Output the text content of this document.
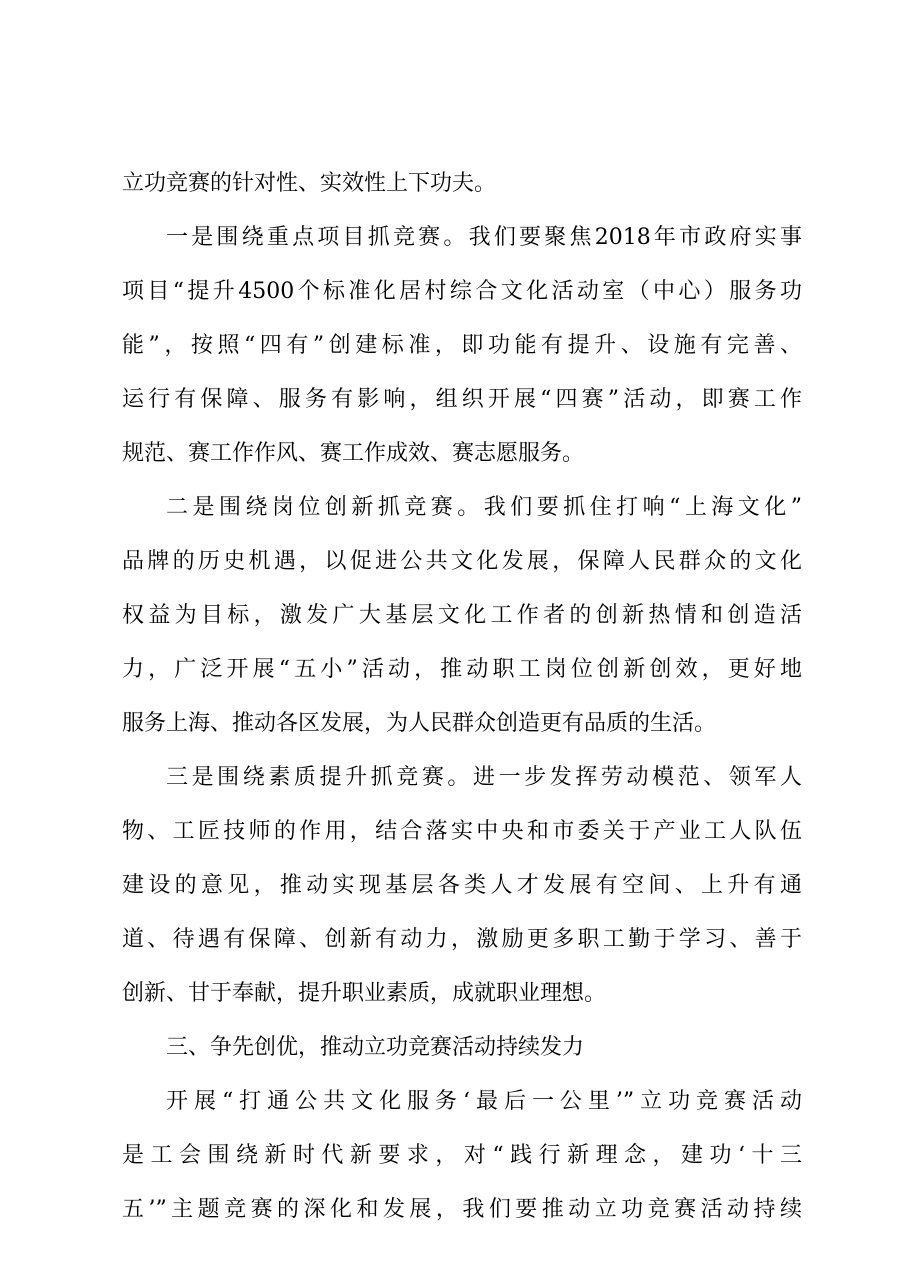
立功竞赛的针对性、实效性上下功夫。
一是围绕重点项目抓竞赛。我们要聚焦2018年市政府实事
项目“提升4500个标准化居村综合文化活动室（中心）服务功
能”，按照“四有”创建标准，即功能有提升、设施有完善、
运行有保障、服务有影响，组织开展“四赛”活动，即赛工作
规范、赛工作作风、赛工作成效、赛志愿服务。
二是围绕岗位创新抓竞赛。我们要抓住打响“上海文化”
品牌的历史机遇，以促进公共文化发展，保障人民群众的文化
权益为目标，激发广大基层文化工作者的创新热情和创造活
力，广泛开展“五小”活动，推动职工岗位创新创效，更好地
服务上海、推动各区发展，为人民群众创造更有品质的生活。
三是围绕素质提升抓竞赛。进一步发挥劳动模范、领军人
物、工匠技师的作用，结合落实中央和市委关于产业工人队伍
建设的意见，推动实现基层各类人才发展有空间、上升有通
道、待遇有保障、创新有动力，激励更多职工勤于学习、善于
创新、甘于奉献，提升职业素质，成就职业理想。
三、争先创优，推动立功竞赛活动持续发力
开展“打通公共文化服务‘最后一公里’”立功竞赛活动
是工会围绕新时代新要求，对“践行新理念，建功‘十三
五’”主题竞赛的深化和发展，我们要推动立功竞赛活动持续
